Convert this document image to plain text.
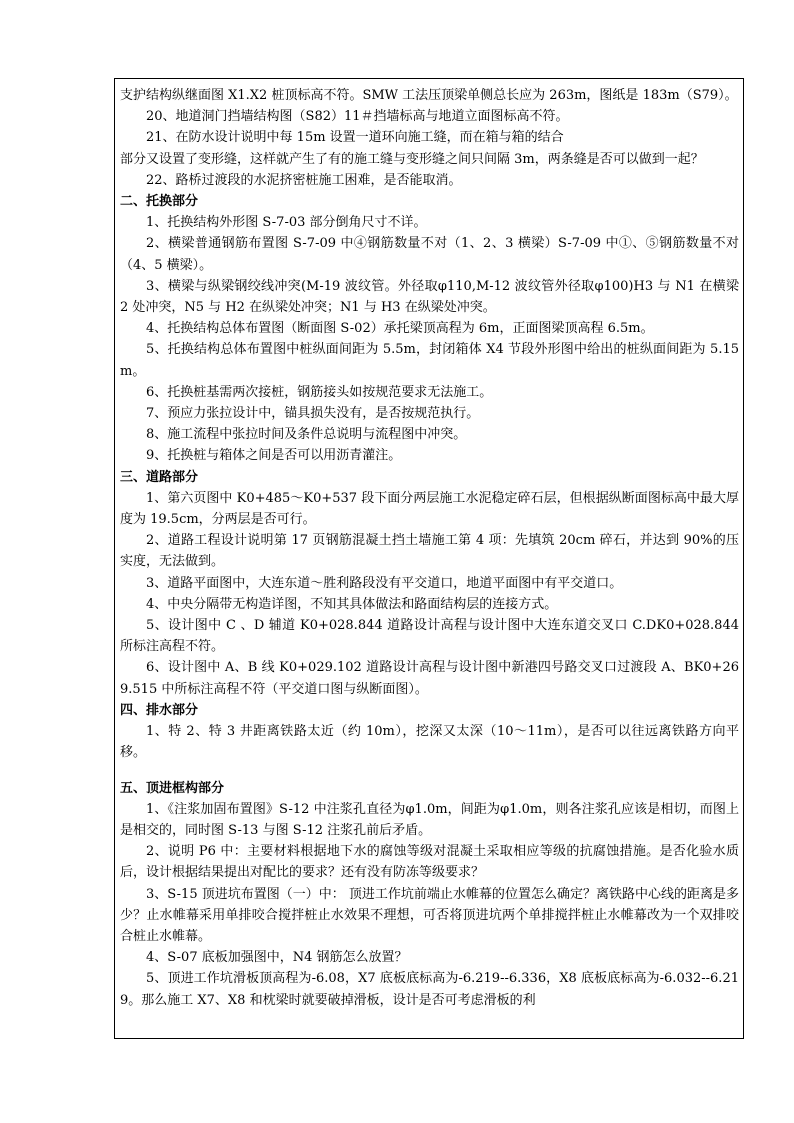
支护结构纵继面图 X1.X2 桩顶标高不符。SMW 工法压顶梁单侧总长应为 263m，图纸是 183m（S79）。

20、地道洞门挡墙结构图（S82）11＃挡墙标高与地道立面图标高不符。

21、在防水设计说明中每 15m 设置一道环向施工缝，而在箱与箱的结合

部分又设置了变形缝，这样就产生了有的施工缝与变形缝之间只间隔 3m，两条缝是否可以做到一起？

22、路桥过渡段的水泥挤密桩施工困难，是否能取消。

二、托换部分

1、托换结构外形图 S-7-03 部分倒角尺寸不详。

2、横梁普通钢筋布置图 S-7-09 中④钢筋数量不对（1、2、3 横梁）S-7-09 中①、⑤钢筋数量不对（4、5 横梁）。

3、横梁与纵梁钢绞线冲突(M-19 波纹管。外径取φ110,M-12 波纹管外径取φ100)H3 与 N1 在横梁 2 处冲突，N5 与 H2 在纵梁处冲突；N1 与 H3 在纵梁处冲突。

4、托换结构总体布置图（断面图 S-02）承托梁顶高程为 6m，正面图梁顶高程 6.5m。

5、托换结构总体布置图中桩纵面间距为 5.5m，封闭箱体 X4 节段外形图中给出的桩纵面间距为 5.15m。

6、托换桩基需两次接桩，钢筋接头如按规范要求无法施工。

7、预应力张拉设计中，锚具损失没有，是否按规范执行。

8、施工流程中张拉时间及条件总说明与流程图中冲突。

9、托换桩与箱体之间是否可以用沥青灌注。

三、道路部分

1、第六页图中 K0+485～K0+537 段下面分两层施工水泥稳定碎石层，但根据纵断面图标高中最大厚度为 19.5cm，分两层是否可行。

2、道路工程设计说明第 17 页钢筋混凝土挡土墙施工第 4 项：先填筑 20cm 碎石，并达到 90%的压实度，无法做到。

3、道路平面图中，大连东道～胜利路段没有平交道口，地道平面图中有平交道口。

4、中央分隔带无构造详图，不知其具体做法和路面结构层的连接方式。

5、设计图中 C 、D 辅道 K0+028.844 道路设计高程与设计图中大连东道交叉口 C.DK0+028.844 所标注高程不符。

6、设计图中 A、B 线 K0+029.102 道路设计高程与设计图中新港四号路交叉口过渡段 A、BK0+269.515 中所标注高程不符（平交道口图与纵断面图）。

四、排水部分

1、特 2、特 3 井距离铁路太近（约 10m），挖深又太深（10～11m），是否可以往远离铁路方向平移。

五、顶进框构部分

1、《注浆加固布置图》S-12 中注浆孔直径为φ1.0m，间距为φ1.0m，则各注浆孔应该是相切，而图上是相交的，同时图 S-13 与图 S-12 注浆孔前后矛盾。

2、说明 P6 中：主要材料根据地下水的腐蚀等级对混凝土采取相应等级的抗腐蚀措施。是否化验水质后，设计根据结果提出对配比的要求？还有没有防冻等级要求？

3、S-15 顶进坑布置图（一）中： 顶进工作坑前端止水帷幕的位置怎么确定？离铁路中心线的距离是多少？止水帷幕采用单排咬合搅拌桩止水效果不理想，可否将顶进坑两个单排搅拌桩止水帷幕改为一个双排咬合桩止水帷幕。

4、S-07 底板加强图中，N4 钢筋怎么放置？

5、顶进工作坑滑板顶高程为-6.08，X7 底板底标高为-6.219--6.336，X8 底板底标高为-6.032--6.219。那么施工 X7、X8 和枕梁时就要破掉滑板，设计是否可考虑滑板的利
